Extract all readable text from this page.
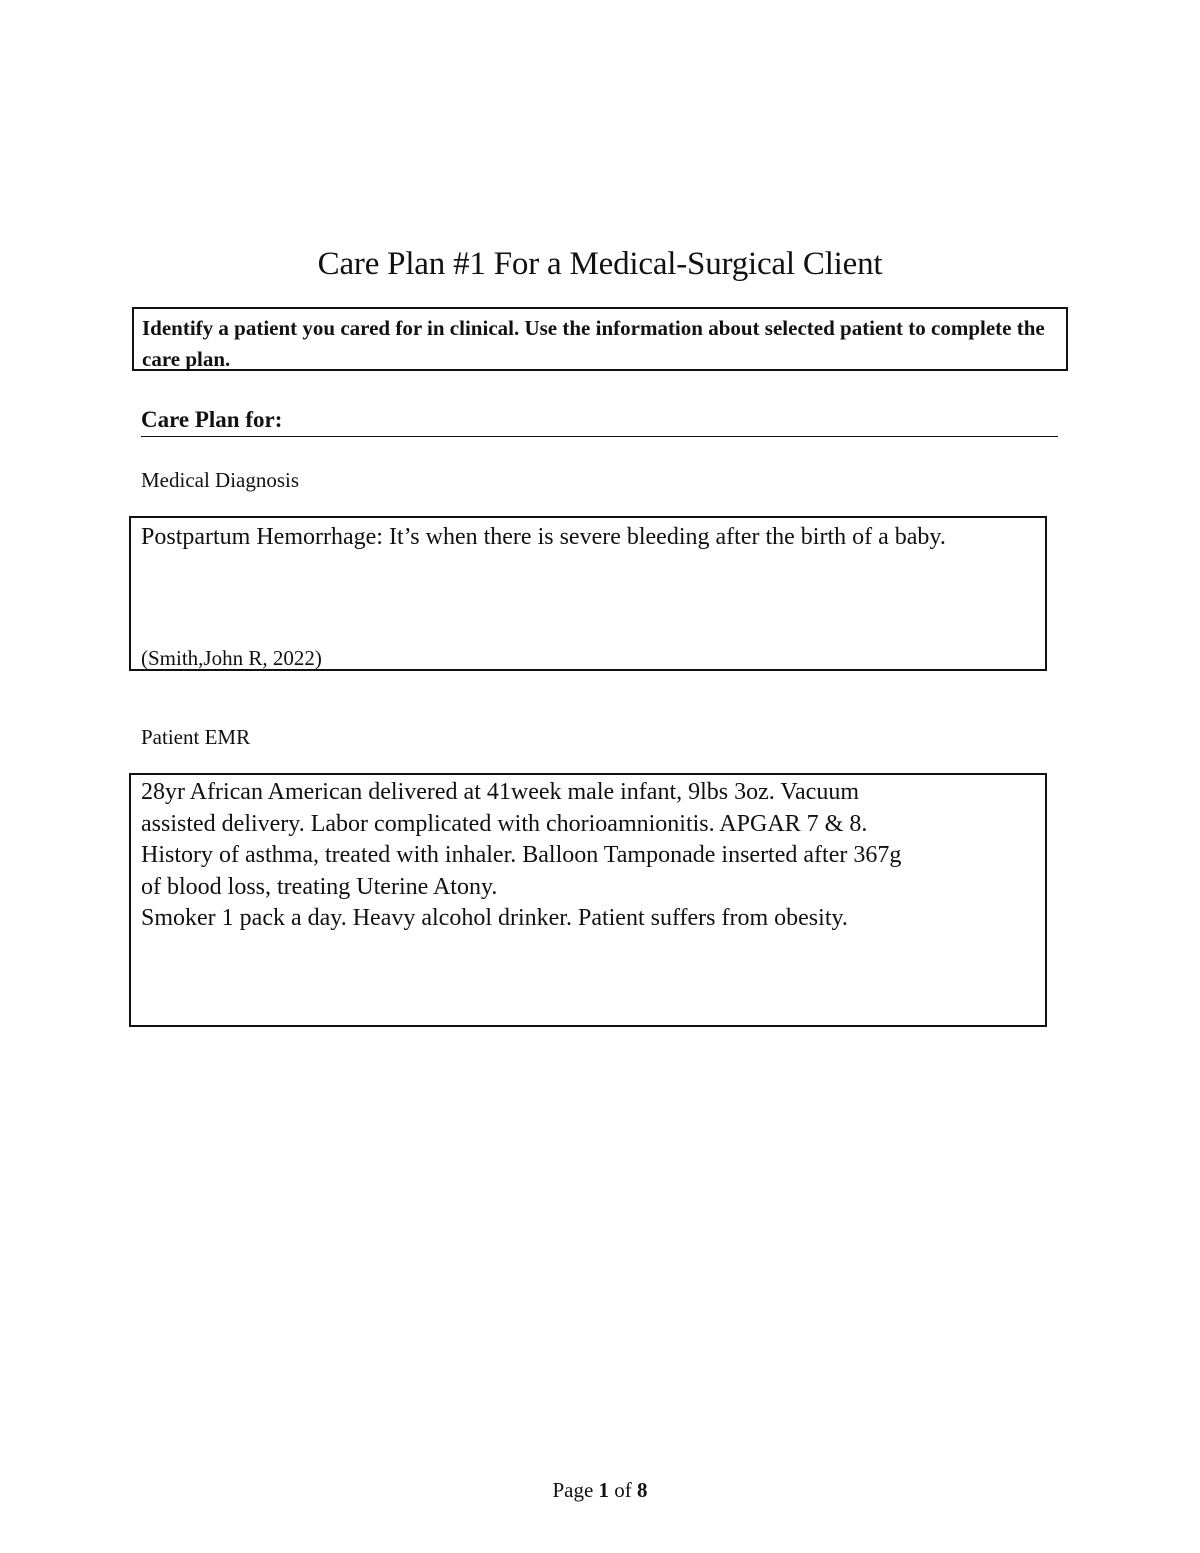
Care Plan #1 For a Medical-Surgical Client
Identify a patient you cared for in clinical. Use the information about selected patient to complete the care plan.
Care Plan for:
Medical Diagnosis
Postpartum Hemorrhage: It’s when there is severe bleeding after the birth of a baby.
(Smith,John R, 2022)
Patient EMR
28yr African American delivered at 41week male infant, 9lbs 3oz. Vacuum
assisted delivery. Labor complicated with chorioamnionitis. APGAR 7 & 8.
History of asthma, treated with inhaler. Balloon Tamponade inserted after 367g
of blood loss, treating Uterine Atony.
Smoker 1 pack a day. Heavy alcohol drinker. Patient suffers from obesity.
Page 1 of 8
